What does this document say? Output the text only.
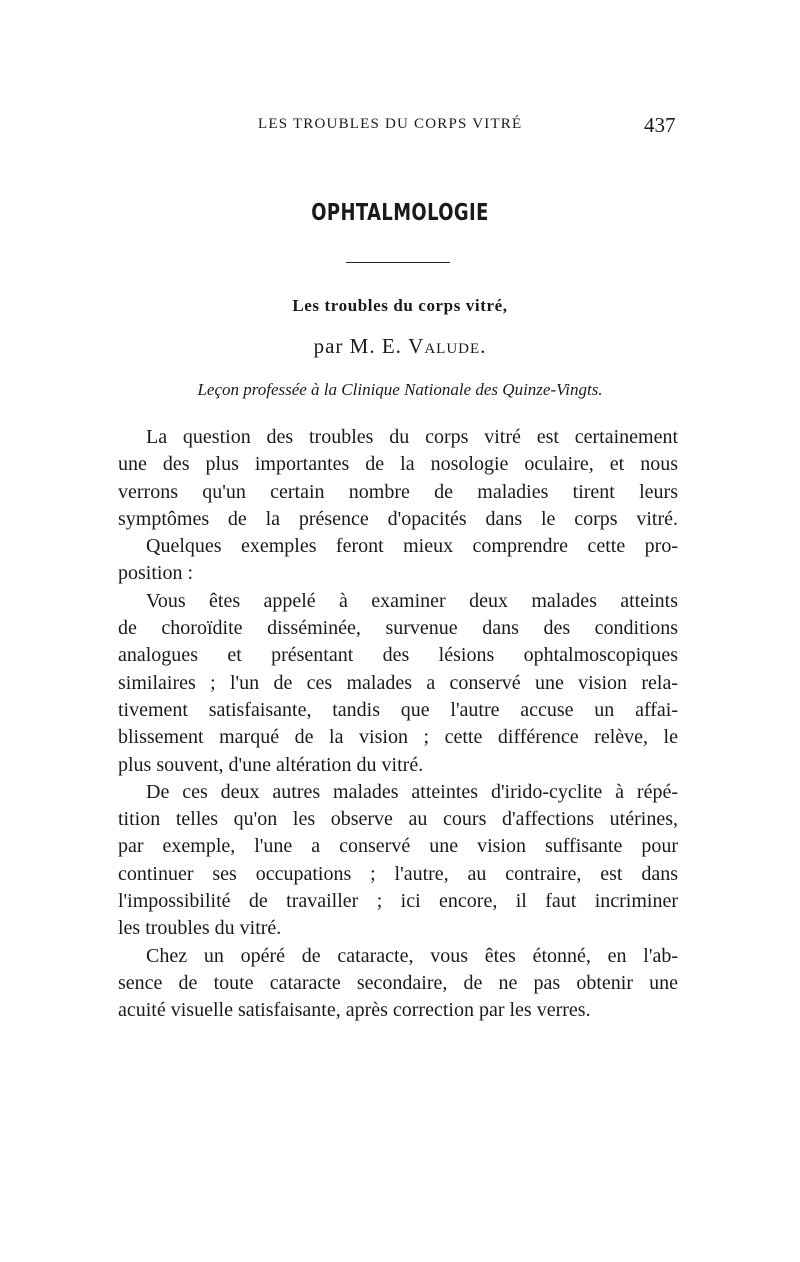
LES TROUBLES DU CORPS VITRÉ	437
OPHTALMOLOGIE
Les troubles du corps vitré,
par M. E. Valude.
Leçon professée à la Clinique Nationale des Quinze-Vingts.
La question des troubles du corps vitré est certainement
une des plus importantes de la nosologie oculaire, et nous
verrons qu'un certain nombre de maladies tirent leurs
symptômes de la présence d'opacités dans le corps vitré.
Quelques exemples feront mieux comprendre cette pro-
position :
Vous êtes appelé à examiner deux malades atteints
de choroïdite disséminée, survenue dans des conditions
analogues et présentant des lésions ophtalmoscopiques
similaires ; l'un de ces malades a conservé une vision rela-
tivement satisfaisante, tandis que l'autre accuse un affai-
blissement marqué de la vision ; cette différence relève, le
plus souvent, d'une altération du vitré.
De ces deux autres malades atteintes d'irido-cyclite à répé-
tition telles qu'on les observe au cours d'affections utérines,
par exemple, l'une a conservé une vision suffisante pour
continuer ses occupations ; l'autre, au contraire, est dans
l'impossibilité de travailler ; ici encore, il faut incriminer
les troubles du vitré.
Chez un opéré de cataracte, vous êtes étonné, en l'ab-
sence de toute cataracte secondaire, de ne pas obtenir une
acuité visuelle satisfaisante, après correction par les verres.
